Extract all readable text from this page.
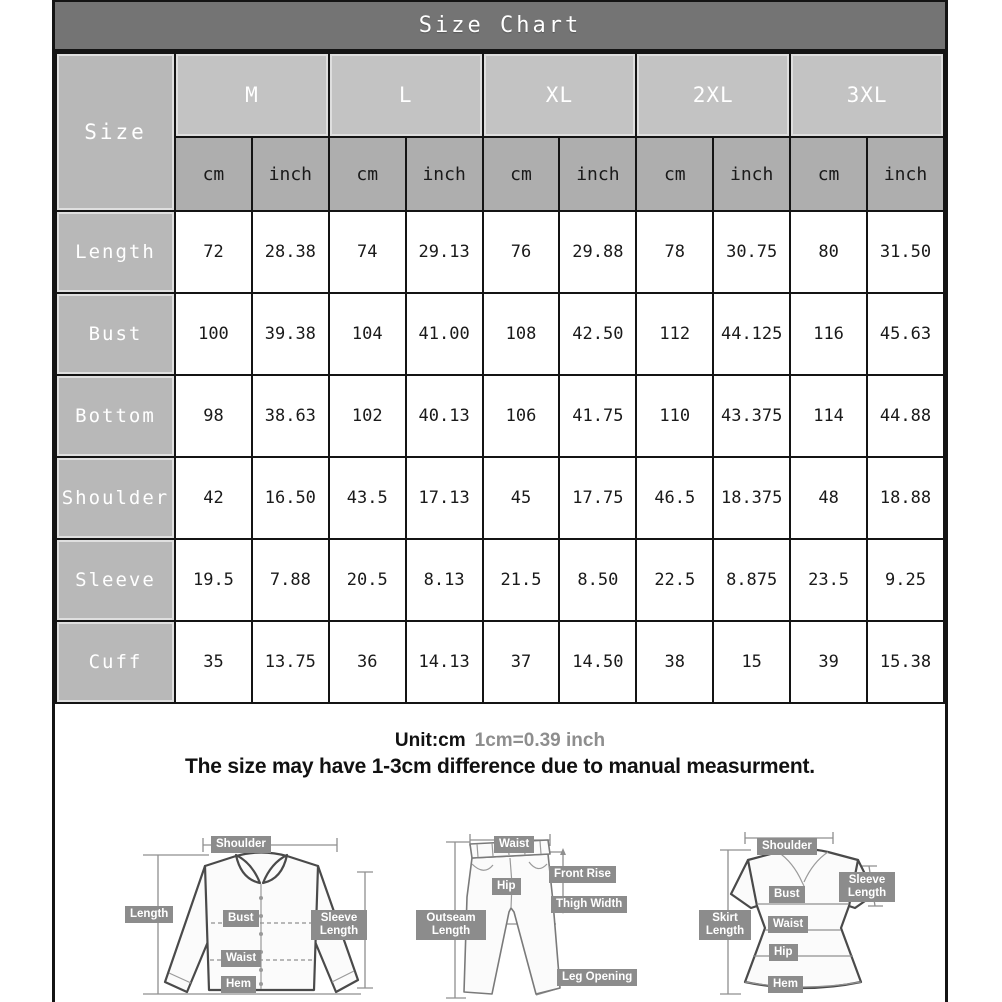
Size Chart
Size	M		L		XL		2XL		3XL	
	cm	inch	cm	inch	cm	inch	cm	inch	cm	inch
Length	72	28.38	74	29.13	76	29.88	78	30.75	80	31.50
Bust	100	39.38	104	41.00	108	42.50	112	44.125	116	45.63
Bottom	98	38.63	102	40.13	106	41.75	110	43.375	114	44.88
Shoulder	42	16.50	43.5	17.13	45	17.75	46.5	18.375	48	18.88
Sleeve	19.5	7.88	20.5	8.13	21.5	8.50	22.5	8.875	23.5	9.25
Cuff	35	13.75	36	14.13	37	14.50	38	15	39	15.38
Unit:cm 1cm=0.39 inch
The size may have 1-3cm difference due to manual measurment.
Shoulder
Length	Bust
Waist
Hem
Sleeve Length
Waist
Hip
Front Rise
Thigh Width
Outseam Length
Leg Opening
Shoulder
Sleeve Length
Bust
Skirt Length
Waist
Hip
Hem
